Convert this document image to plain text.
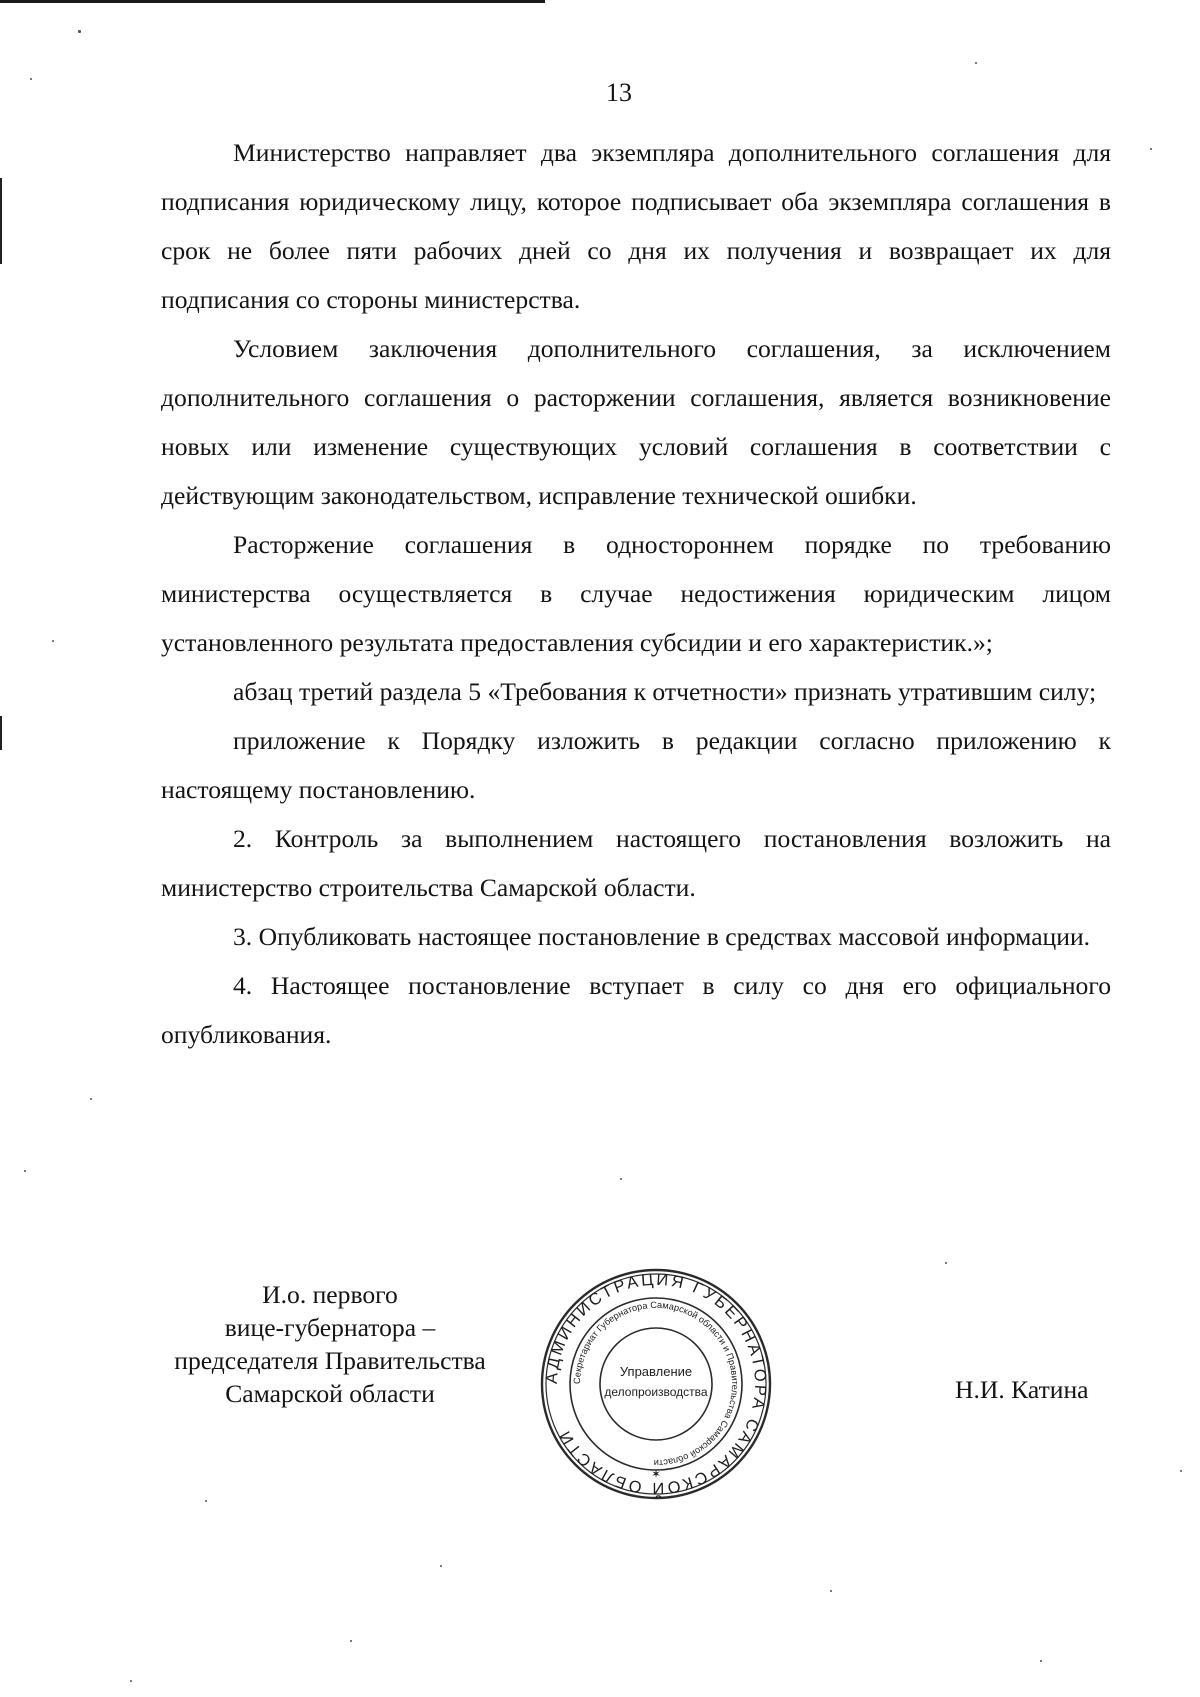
13

Министерство направляет два экземпляра дополнительного соглашения для подписания юридическому лицу, которое подписывает оба экземпляра соглашения в срок не более пяти рабочих дней со дня их получения и возвращает их для подписания со стороны министерства.

Условием заключения дополнительного соглашения, за исключением дополнительного соглашения о расторжении соглашения, является возникновение новых или изменение существующих условий соглашения в соответствии с действующим законодательством, исправление технической ошибки.

Расторжение соглашения в одностороннем порядке по требованию министерства осуществляется в случае недостижения юридическим лицом установленного результата предоставления субсидии и его характеристик.»;

абзац третий раздела 5 «Требования к отчетности» признать утратившим силу;

приложение к Порядку изложить в редакции согласно приложению к настоящему постановлению.

2. Контроль за выполнением настоящего постановления возложить на министерство строительства Самарской области.

3. Опубликовать настоящее постановление в средствах массовой информации.

4. Настоящее постановление вступает в силу со дня его официального опубликования.

И.о. первого
вице-губернатора –
председателя Правительства
Самарской области
АДМИНИСТРАЦИЯ ГУБЕРНАТОРА САМАРСКОЙ ОБЛАСТИ
Секретариат Губернатора Самарской области и Правительства Самарской области
Управление
делопроизводства
✶
Н.И. Катина
